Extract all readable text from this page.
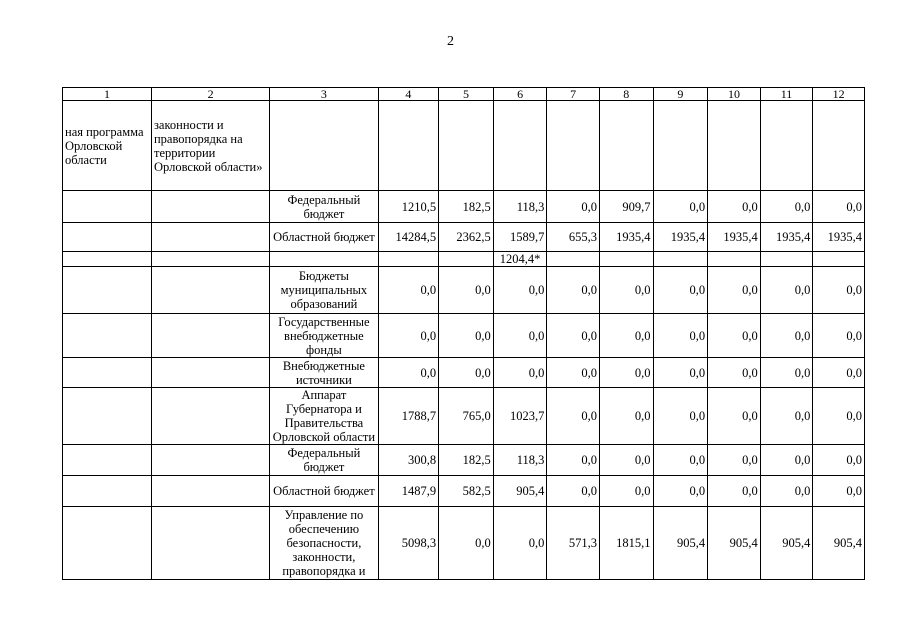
2
1	2	3	4	5	6	7	8	9	10	11	12
ная программа Орловской области	законности и правопорядка на территории Орловской области»										
		Федеральный бюджет	1210,5	182,5	118,3	0,0	909,7	0,0	0,0	0,0	0,0
		Областной бюджет	14284,5	2362,5	1589,7	655,3	1935,4	1935,4	1935,4	1935,4	1935,4
					1204,4*						
		Бюджеты муниципальных образований	0,0	0,0	0,0	0,0	0,0	0,0	0,0	0,0	0,0
		Государственные внебюджетные фонды	0,0	0,0	0,0	0,0	0,0	0,0	0,0	0,0	0,0
		Внебюджетные источники	0,0	0,0	0,0	0,0	0,0	0,0	0,0	0,0	0,0
		Аппарат Губернатора и Правительства Орловской области	1788,7	765,0	1023,7	0,0	0,0	0,0	0,0	0,0	0,0
		Федеральный бюджет	300,8	182,5	118,3	0,0	0,0	0,0	0,0	0,0	0,0
		Областной бюджет	1487,9	582,5	905,4	0,0	0,0	0,0	0,0	0,0	0,0
		Управление по обеспечению безопасности, законности, правопорядка и	5098,3	0,0	0,0	571,3	1815,1	905,4	905,4	905,4	905,4
